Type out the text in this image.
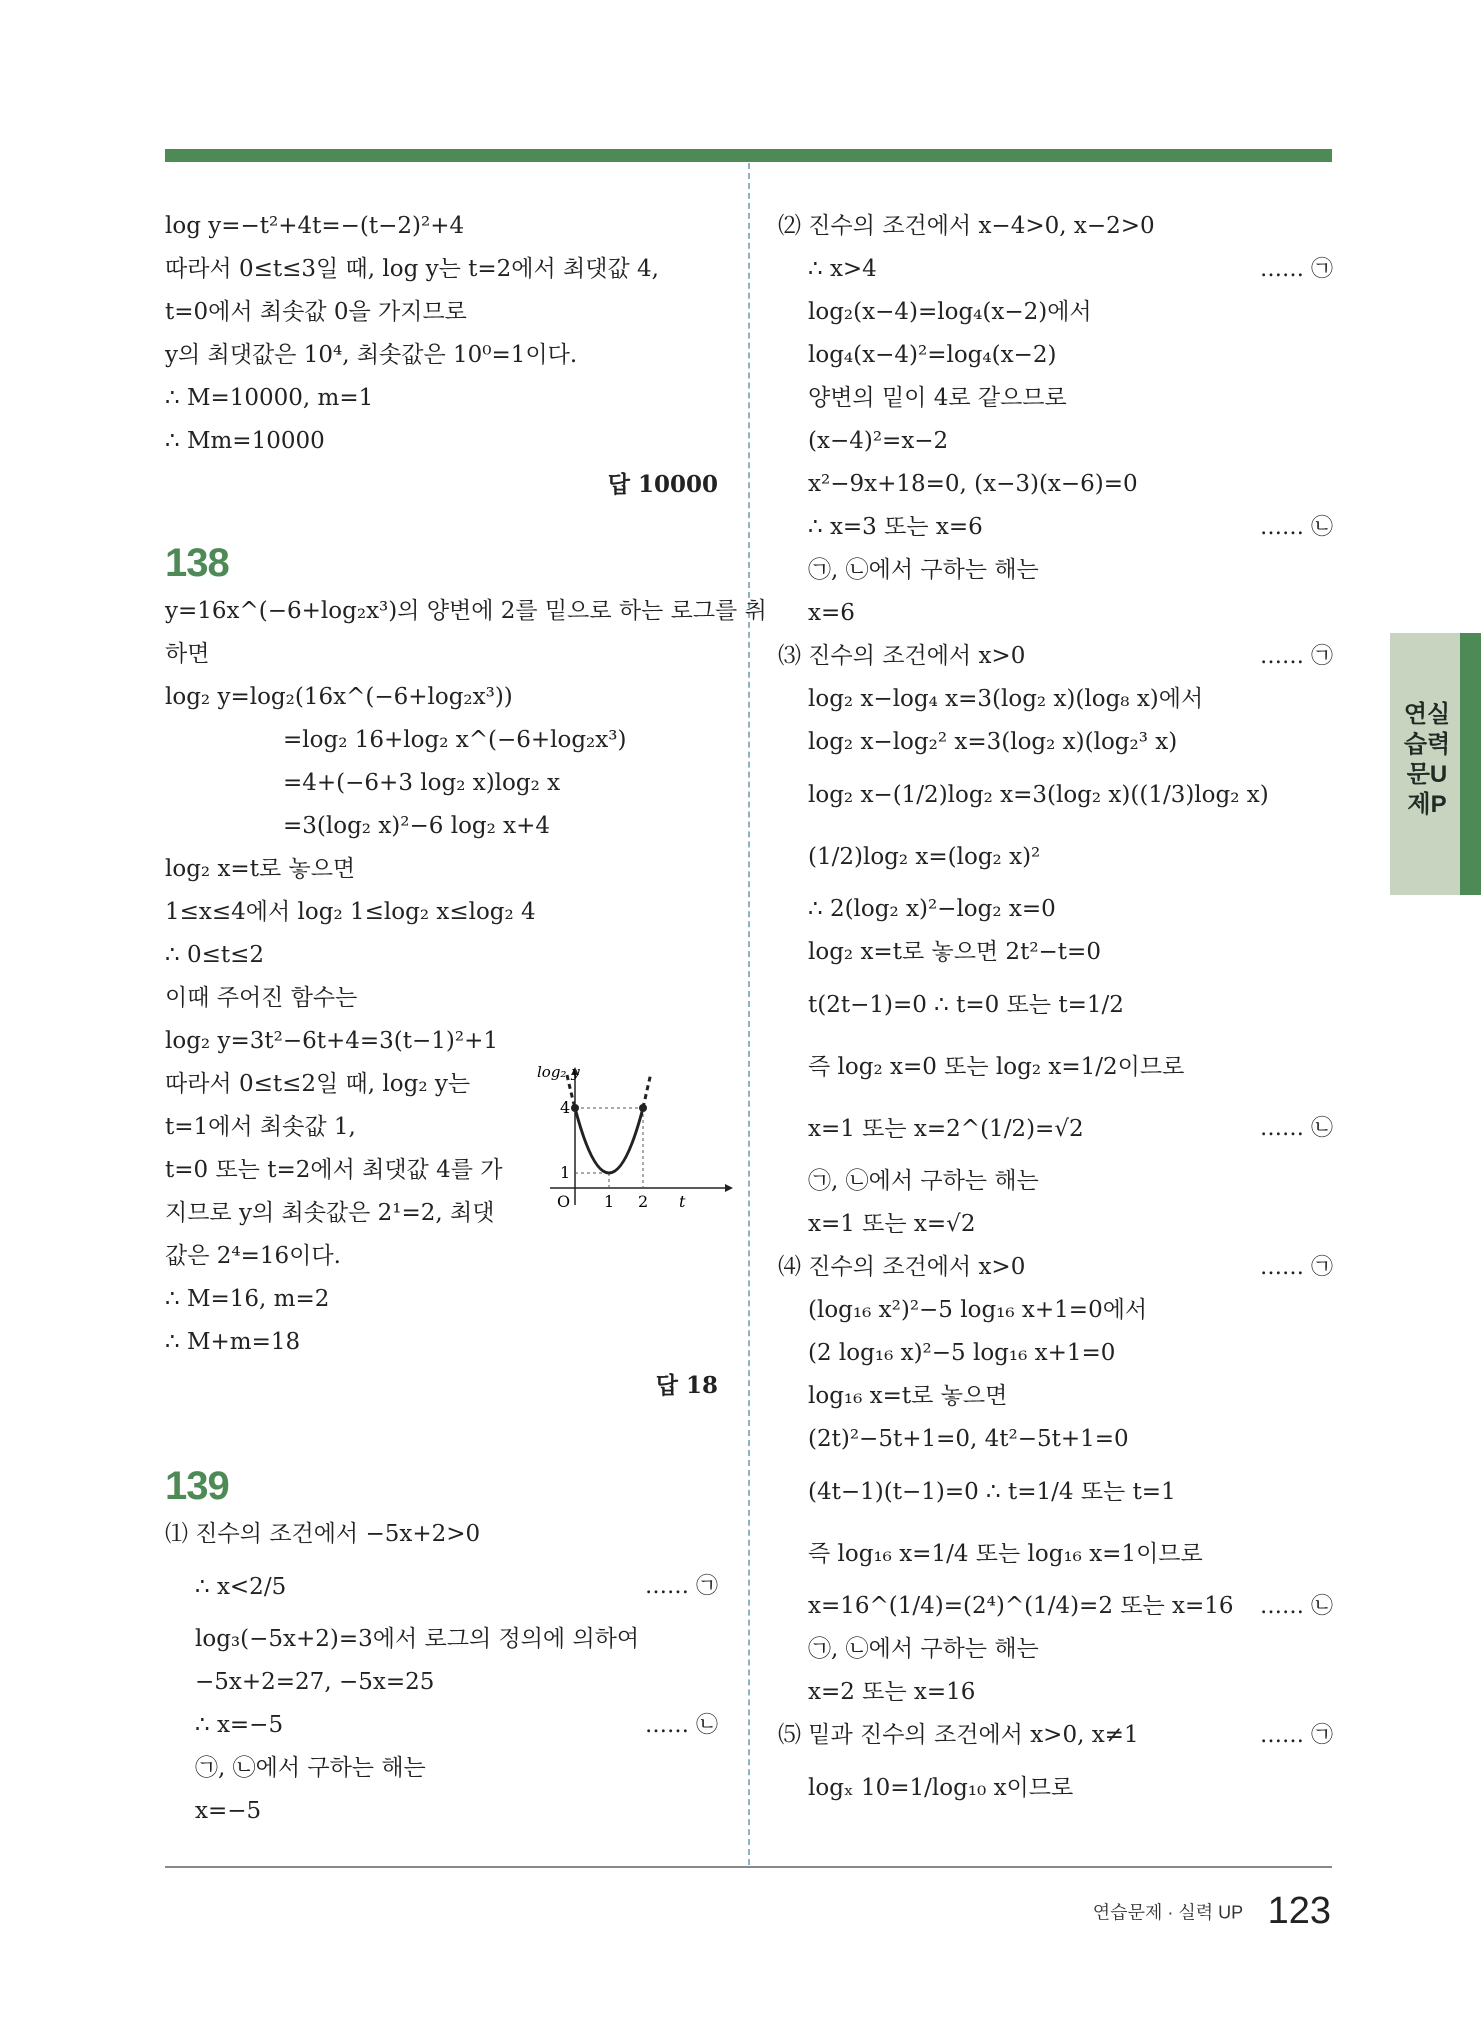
log y=−t²+4t=−(t−2)²+4
따라서 0≤t≤3일 때, log y는 t=2에서 최댓값 4,
t=0에서 최솟값 0을 가지므로
y의 최댓값은 10⁴, 최솟값은 10⁰=1이다.
∴ M=10000, m=1
∴ Mm=10000
답 10000
138
y=16x^(−6+log₂x³)의 양변에 2를 밑으로 하는 로그를 취
하면
log₂ y=log₂(16x^(−6+log₂x³))
=log₂ 16+log₂ x^(−6+log₂x³)
=4+(−6+3 log₂ x)log₂ x
=3(log₂ x)²−6 log₂ x+4
log₂ x=t로 놓으면
1≤x≤4에서 log₂ 1≤log₂ x≤log₂ 4
∴ 0≤t≤2
이때 주어진 함수는
log₂ y=3t²−6t+4=3(t−1)²+1
따라서 0≤t≤2일 때, log₂ y는
t=1에서 최솟값 1,
t=0 또는 t=2에서 최댓값 4를 가
지므로 y의 최솟값은 2¹=2, 최댓
값은 2⁴=16이다.
∴ M=16, m=2
∴ M+m=18
답 18
log₂ y
t
O
4
1
1 2
139
⑴ 진수의 조건에서 −5x+2>0
∴ x<2/5	…… ㉠
log₃(−5x+2)=3에서 로그의 정의에 의하여
−5x+2=27, −5x=25
∴ x=−5	…… ㉡
㉠, ㉡에서 구하는 해는
x=−5
⑵ 진수의 조건에서 x−4>0, x−2>0
∴ x>4	…… ㉠
log₂(x−4)=log₄(x−2)에서
log₄(x−4)²=log₄(x−2)
양변의 밑이 4로 같으므로
(x−4)²=x−2
x²−9x+18=0, (x−3)(x−6)=0
∴ x=3 또는 x=6	…… ㉡
㉠, ㉡에서 구하는 해는
x=6
⑶ 진수의 조건에서 x>0	…… ㉠
log₂ x−log₄ x=3(log₂ x)(log₈ x)에서
log₂ x−log₂² x=3(log₂ x)(log₂³ x)
log₂ x−(1/2)log₂ x=3(log₂ x)((1/3)log₂ x)
(1/2)log₂ x=(log₂ x)²
∴ 2(log₂ x)²−log₂ x=0
log₂ x=t로 놓으면 2t²−t=0
t(2t−1)=0 ∴ t=0 또는 t=1/2
즉 log₂ x=0 또는 log₂ x=1/2이므로
x=1 또는 x=2^(1/2)=√2	…… ㉡
㉠, ㉡에서 구하는 해는
x=1 또는 x=√2
⑷ 진수의 조건에서 x>0	…… ㉠
(log₁₆ x²)²−5 log₁₆ x+1=0에서
(2 log₁₆ x)²−5 log₁₆ x+1=0
log₁₆ x=t로 놓으면
(2t)²−5t+1=0, 4t²−5t+1=0
(4t−1)(t−1)=0 ∴ t=1/4 또는 t=1
즉 log₁₆ x=1/4 또는 log₁₆ x=1이므로
x=16^(1/4)=(2⁴)^(1/4)=2 또는 x=16 …… ㉡
㉠, ㉡에서 구하는 해는
x=2 또는 x=16
⑸ 밑과 진수의 조건에서 x>0, x≠1	…… ㉠
logₓ 10=1/log₁₀ x이므로
연실
습력
문U
제P
연습문제 · 실력 UP 123
